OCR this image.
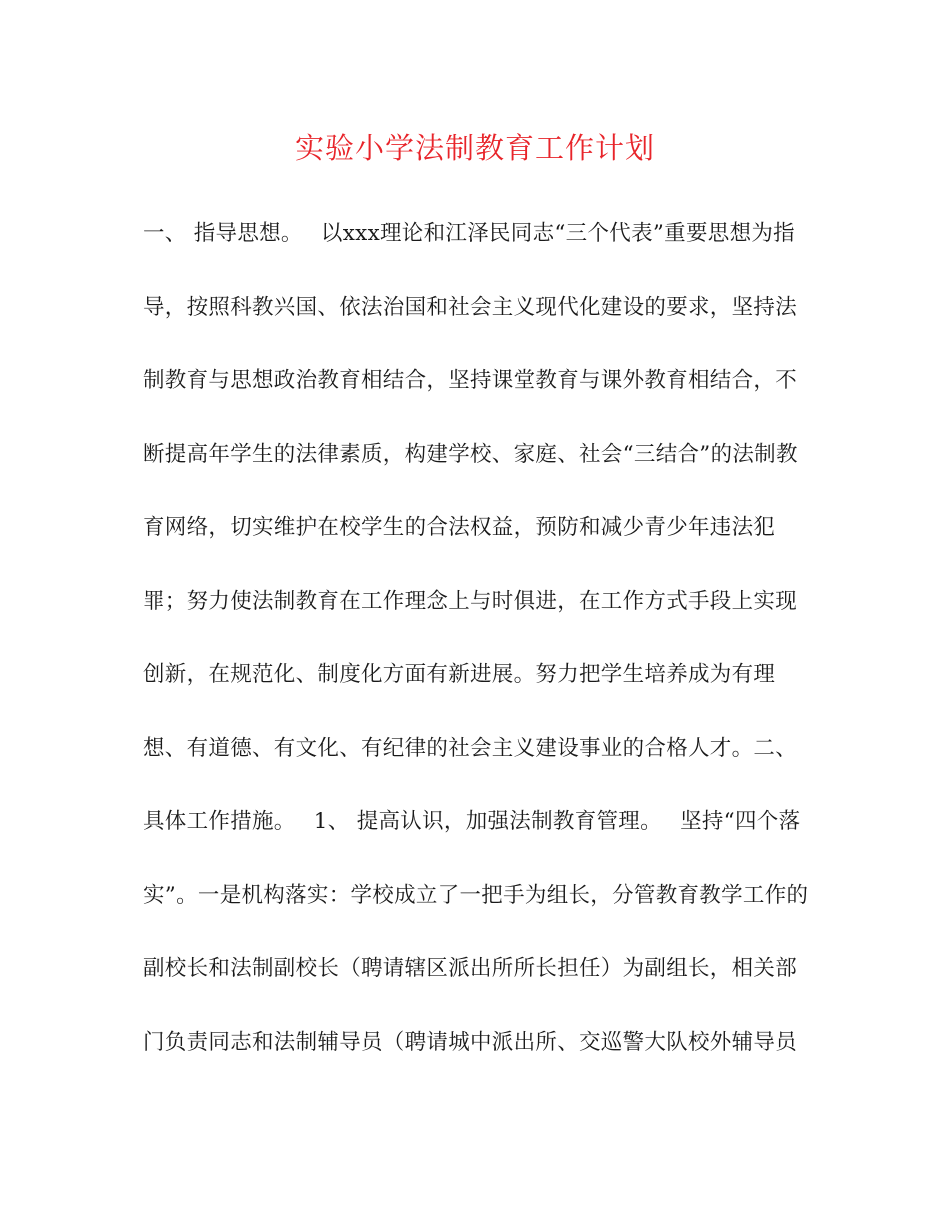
实验小学法制教育工作计划
一、 指导思想。　 以xxx理论和江泽民同志“三个代表”重要思想为指
导，按照科教兴国、依法治国和社会主义现代化建设的要求，坚持法
制教育与思想政治教育相结合，坚持课堂教育与课外教育相结合，不
断提高年学生的法律素质，构建学校、家庭、社会“三结合”的法制教
育网络，切实维护在校学生的合法权益，预防和减少青少年违法犯
罪；努力使法制教育在工作理念上与时俱进，在工作方式手段上实现
创新，在规范化、制度化方面有新进展。努力把学生培养成为有理
想、有道德、有文化、有纪律的社会主义建设事业的合格人才。二、
具体工作措施。　 1、 提高认识，加强法制教育管理。　 坚持“四个落
实”。一是机构落实：学校成立了一把手为组长，分管教育教学工作的
副校长和法制副校长（聘请辖区派出所所长担任）为副组长，相关部
门负责同志和法制辅导员（聘请城中派出所、交巡警大队校外辅导员
